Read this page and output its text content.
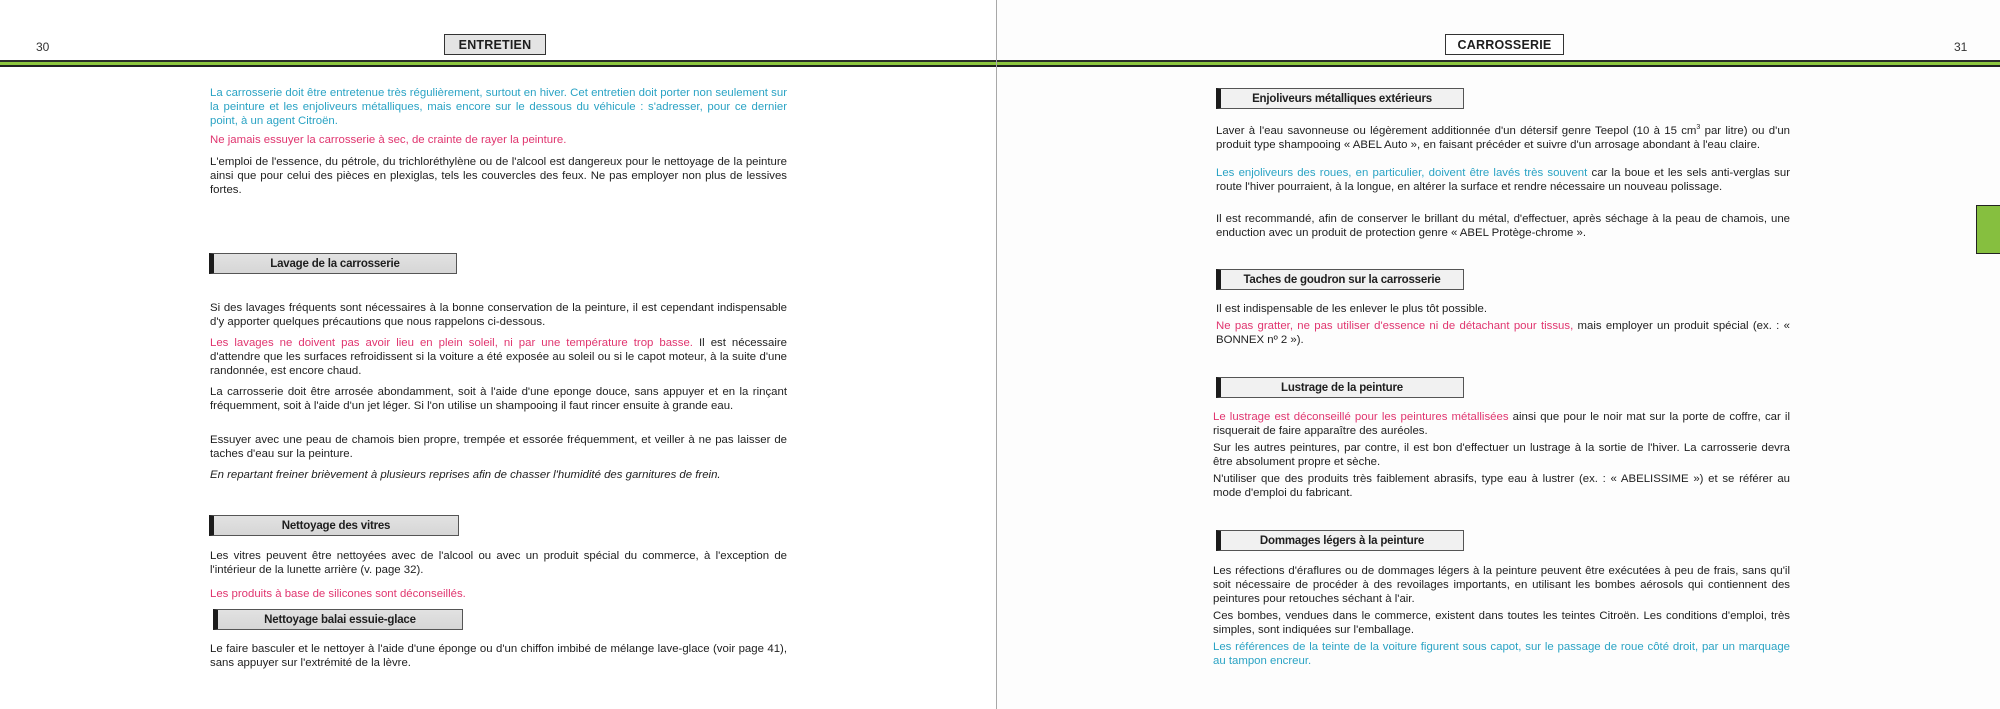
30	ENTRETIEN

La carrosserie doit être entretenue très régulièrement, surtout en hiver. Cet entretien doit porter non seulement sur la peinture et les enjoliveurs métalliques, mais encore sur le dessous du véhicule : s'adresser, pour ce dernier point, à un agent Citroën.

Ne jamais essuyer la carrosserie à sec, de crainte de rayer la peinture.

L'emploi de l'essence, du pétrole, du trichloréthylène ou de l'alcool est dangereux pour le nettoyage de la peinture ainsi que pour celui des pièces en plexiglas, tels les couvercles des feux. Ne pas employer non plus de lessives fortes.

Lavage de la carrosserie

Si des lavages fréquents sont nécessaires à la bonne conservation de la peinture, il est cependant indispensable d'y apporter quelques précautions que nous rappelons ci-dessous.

Les lavages ne doivent pas avoir lieu en plein soleil, ni par une température trop basse. Il est nécessaire d'attendre que les surfaces refroidissent si la voiture a été exposée au soleil ou si le capot moteur, à la suite d'une randonnée, est encore chaud.

La carrosserie doit être arrosée abondamment, soit à l'aide d'une eponge douce, sans appuyer et en la rinçant fréquemment, soit à l'aide d'un jet léger. Si l'on utilise un shampooing il faut rincer ensuite à grande eau.

Essuyer avec une peau de chamois bien propre, trempée et essorée fréquemment, et veiller à ne pas laisser de taches d'eau sur la peinture.

En repartant freiner brièvement à plusieurs reprises afin de chasser l'humidité des garnitures de frein.

Nettoyage des vitres

Les vitres peuvent être nettoyées avec de l'alcool ou avec un produit spécial du commerce, à l'exception de l'intérieur de la lunette arrière (v. page 32).

Les produits à base de silicones sont déconseillés.

Nettoyage balai essuie-glace

Le faire basculer et le nettoyer à l'aide d'une éponge ou d'un chiffon imbibé de mélange lave-glace (voir page 41), sans appuyer sur l'extrémité de la lèvre.

CARROSSERIE	31
Enjoliveurs métalliques extérieurs

Laver à l'eau savonneuse ou légèrement additionnée d'un détersif genre Teepol (10 à 15 $cm^3$ par litre) ou d'un produit type shampooing « ABEL Auto », en faisant précéder et suivre d'un arrosage abondant à l'eau claire.

Les enjoliveurs des roues, en particulier, doivent être lavés très souvent car la boue et les sels anti-verglas sur route l'hiver pourraient, à la longue, en altérer la surface et rendre nécessaire un nouveau polissage.

Il est recommandé, afin de conserver le brillant du métal, d'effectuer, après séchage à la peau de chamois, une enduction avec un produit de protection genre « ABEL Protège-chrome ».

Taches de goudron sur la carrosserie

Il est indispensable de les enlever le plus tôt possible.

Ne pas gratter, ne pas utiliser d'essence ni de détachant pour tissus, mais employer un produit spécial (ex. : « BONNEX nº 2 »).

Lustrage de la peinture

Le lustrage est déconseillé pour les peintures métallisées ainsi que pour le noir mat sur la porte de coffre, car il risquerait de faire apparaître des auréoles.

Sur les autres peintures, par contre, il est bon d'effectuer un lustrage à la sortie de l'hiver. La carrosserie devra être absolument propre et sèche.

N'utiliser que des produits très faiblement abrasifs, type eau à lustrer (ex. : « ABELISSIME ») et se référer au mode d'emploi du fabricant.

Dommages légers à la peinture

Les réfections d'éraflures ou de dommages légers à la peinture peuvent être exécutées à peu de frais, sans qu'il soit nécessaire de procéder à des revoilages importants, en utilisant les bombes aérosols qui contiennent des peintures pour retouches séchant à l'air.

Ces bombes, vendues dans le commerce, existent dans toutes les teintes Citroën. Les conditions d'emploi, très simples, sont indiquées sur l'emballage.

Les références de la teinte de la voiture figurent sous capot, sur le passage de roue côté droit, par un marquage au tampon encreur.
